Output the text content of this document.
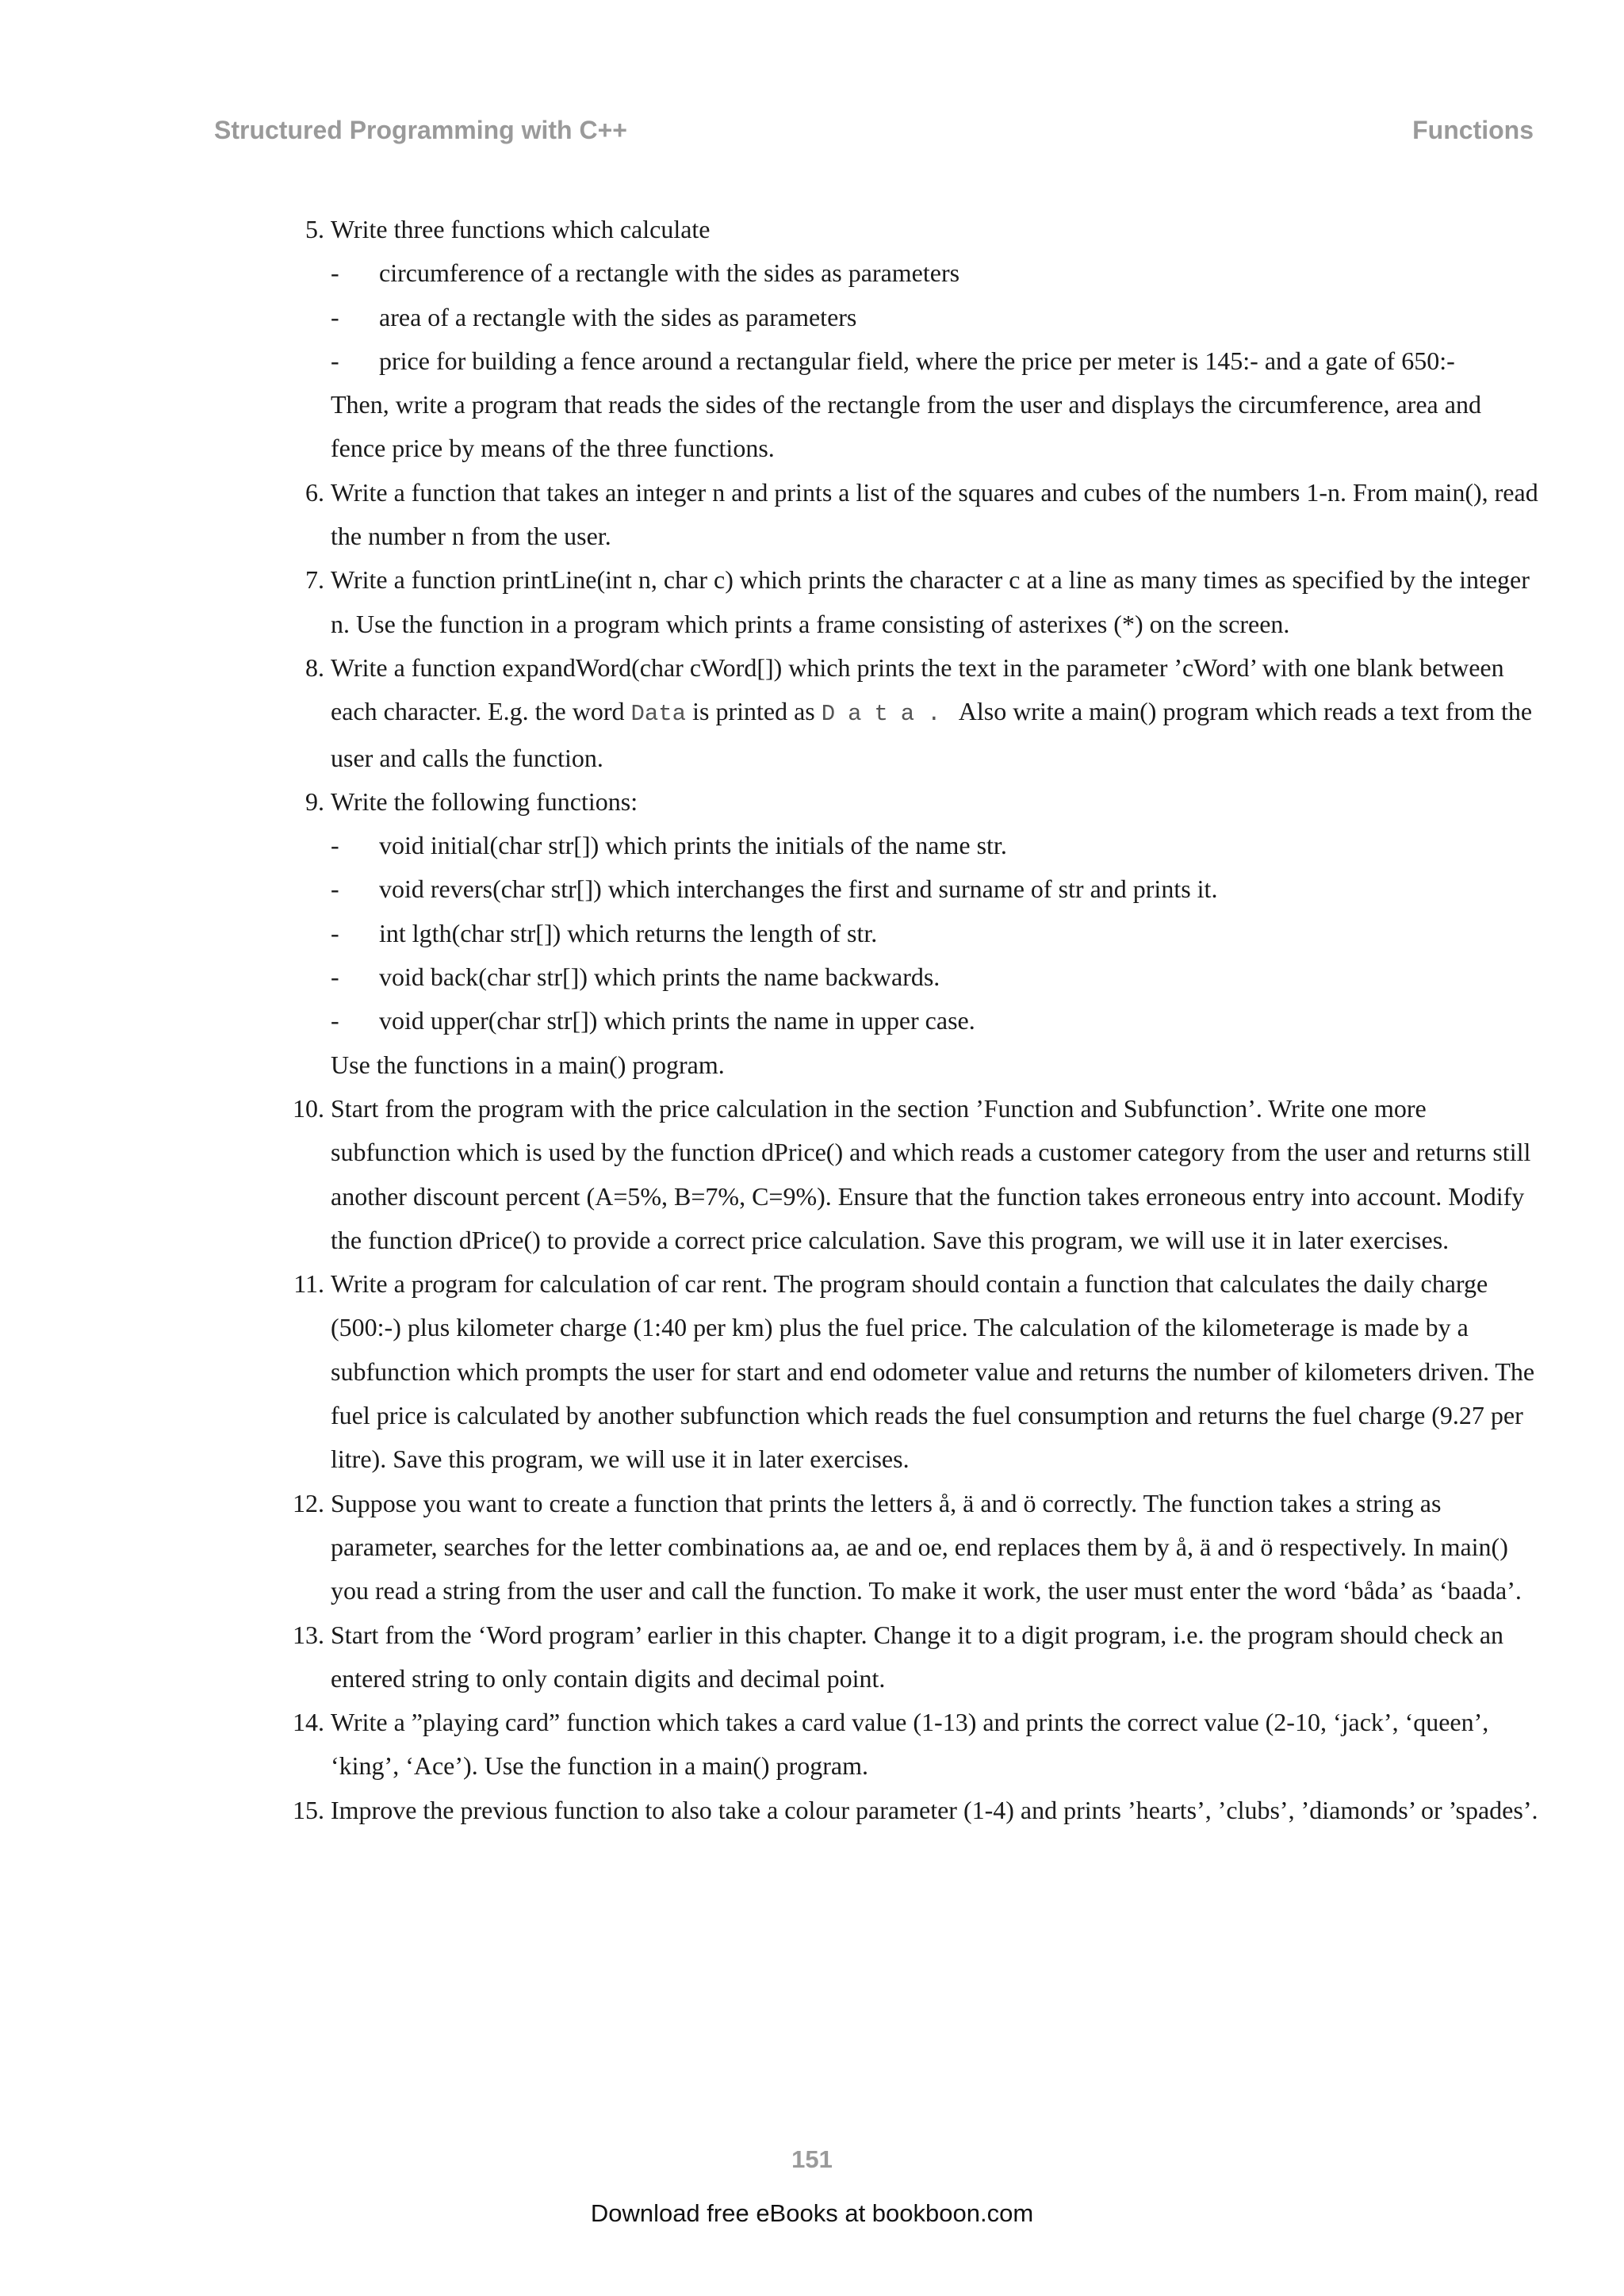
Structured Programming with C++	Functions
5. Write three functions which calculate
- circumference of a rectangle with the sides as parameters
- area of a rectangle with the sides as parameters
- price for building a fence around a rectangular field, where the price per meter is 145:- and a gate of 650:-
Then, write a program that reads the sides of the rectangle from the user and displays the circumference, area and fence price by means of the three functions.
6. Write a function that takes an integer n and prints a list of the squares and cubes of the numbers 1-n. From main(), read the number n from the user.
7. Write a function printLine(int n, char c) which prints the character c at a line as many times as specified by the integer n. Use the function in a program which prints a frame consisting of asterixes (*) on the screen.
8. Write a function expandWord(char cWord[]) which prints the text in the parameter ’cWord’ with one blank between each character. E.g. the word Data is printed as Data. Also write a main() program which reads a text from the user and calls the function.
9. Write the following functions:
- void initial(char str[]) which prints the initials of the name str.
- void revers(char str[]) which interchanges the first and surname of str and prints it.
- int lgth(char str[]) which returns the length of str.
- void back(char str[]) which prints the name backwards.
- void upper(char str[]) which prints the name in upper case.
Use the functions in a main() program.
10. Start from the program with the price calculation in the section ’Function and Subfunction’. Write one more subfunction which is used by the function dPrice() and which reads a customer category from the user and returns still another discount percent (A=5%, B=7%, C=9%). Ensure that the function takes erroneous entry into account. Modify the function dPrice() to provide a correct price calculation. Save this program, we will use it in later exercises.
11. Write a program for calculation of car rent. The program should contain a function that calculates the daily charge (500:-) plus kilometer charge (1:40 per km) plus the fuel price. The calculation of the kilometerage is made by a subfunction which prompts the user for start and end odometer value and returns the number of kilometers driven. The fuel price is calculated by another subfunction which reads the fuel consumption and returns the fuel charge (9.27 per litre). Save this program, we will use it in later exercises.
12. Suppose you want to create a function that prints the letters å, ä and ö correctly. The function takes a string as parameter, searches for the letter combinations aa, ae and oe, end replaces them by å, ä and ö respectively. In main() you read a string from the user and call the function. To make it work, the user must enter the word ‘båda’ as ‘baada’.
13. Start from the ‘Word program’ earlier in this chapter. Change it to a digit program, i.e. the program should check an entered string to only contain digits and decimal point.
14. Write a ”playing card” function which takes a card value (1-13) and prints the correct value (2-10, ‘jack’, ‘queen’, ‘king’, ‘Ace’). Use the function in a main() program.
15. Improve the previous function to also take a colour parameter (1-4) and prints ’hearts’, ’clubs’, ’diamonds’ or ’spades’.
151
Download free eBooks at bookboon.com
